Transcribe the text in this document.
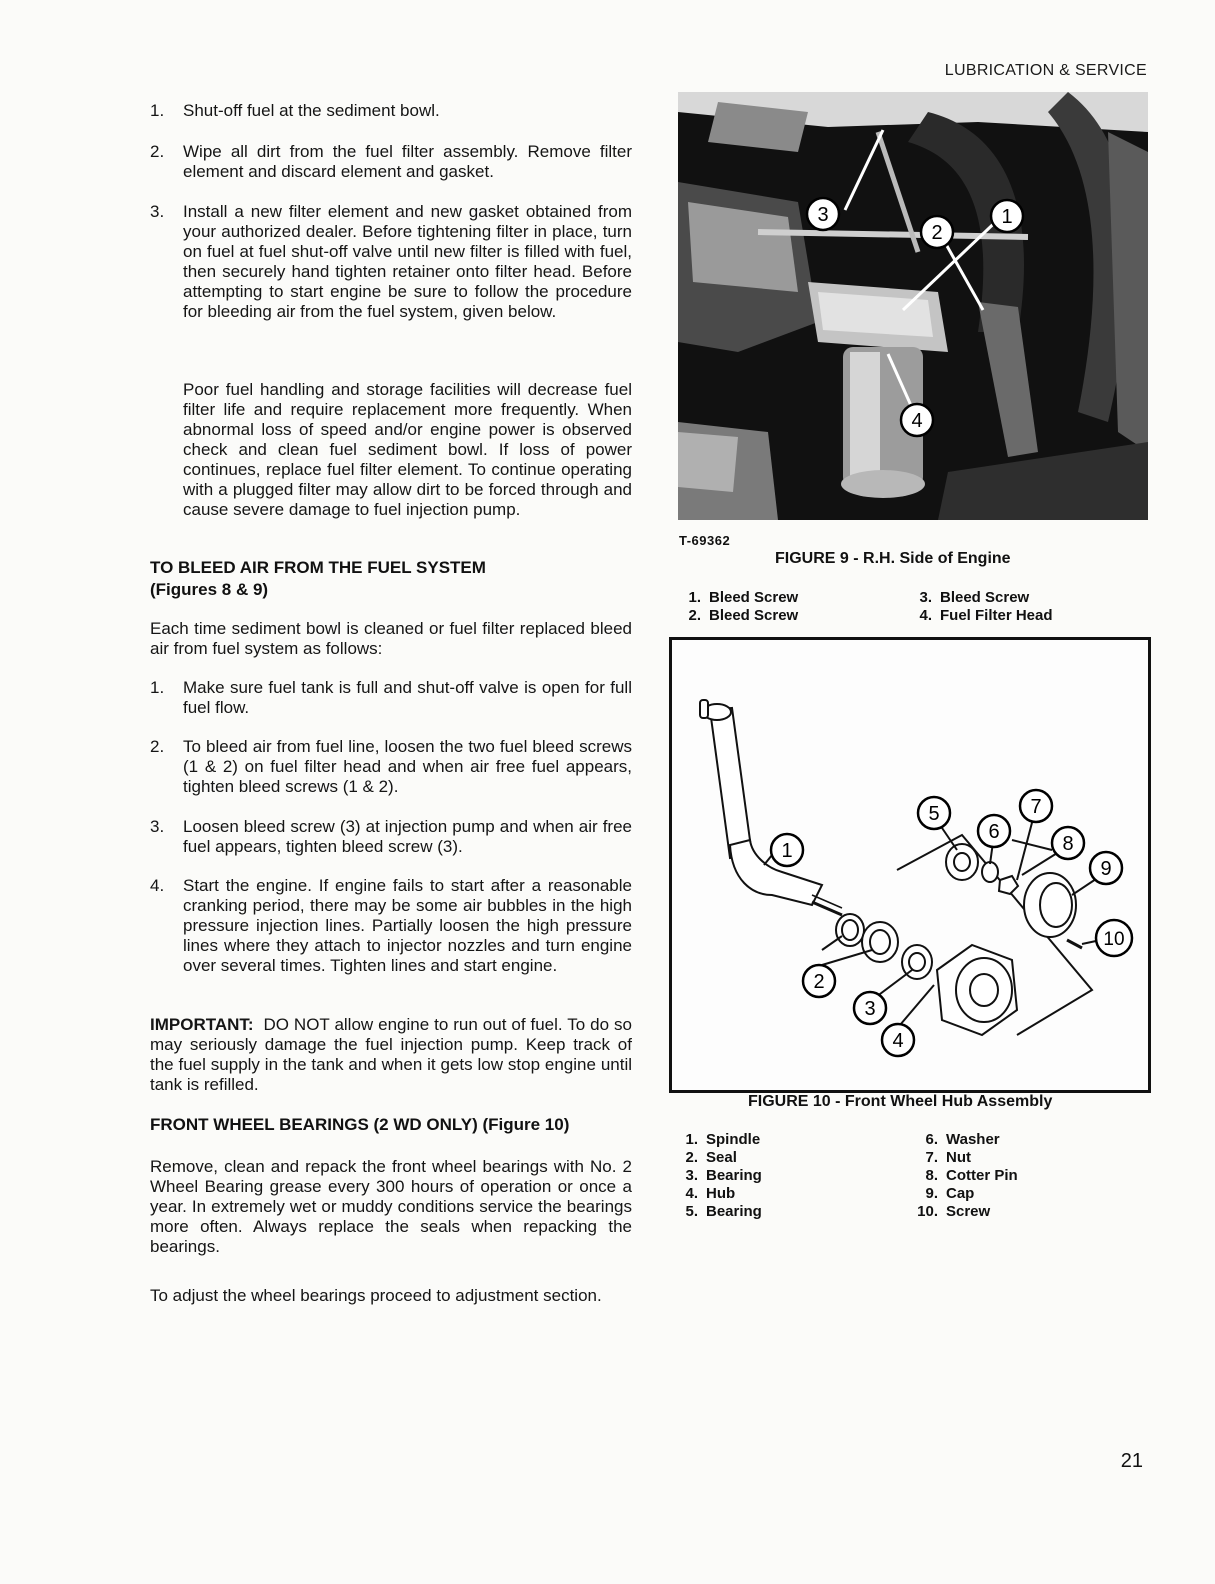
LUBRICATION & SERVICE
1.	Shut-off fuel at the sediment bowl.
2.	Wipe all dirt from the fuel filter assembly. Remove filter element and discard element and gasket.
3.	Install a new filter element and new gasket obtained from your authorized dealer. Before tightening filter in place, turn on fuel at fuel shut-off valve until new filter is filled with fuel, then securely hand tighten retainer onto filter head. Before attempting to start engine be sure to follow the procedure for bleeding air from the fuel system, given below.
Poor fuel handling and storage facilities will decrease fuel filter life and require replacement more frequently. When abnormal loss of speed and/or engine power is observed check and clean fuel sediment bowl. If loss of power continues, replace fuel filter element. To continue operating with a plugged filter may allow dirt to be forced through and cause severe damage to fuel injection pump.
TO BLEED AIR FROM THE FUEL SYSTEM
(Figures 8 & 9)
Each time sediment bowl is cleaned or fuel filter replaced bleed air from fuel system as follows:
1.	Make sure fuel tank is full and shut-off valve is open for full fuel flow.
2.	To bleed air from fuel line, loosen the two fuel bleed screws (1 & 2) on fuel filter head and when air free fuel appears, tighten bleed screws (1 & 2).
3.	Loosen bleed screw (3) at injection pump and when air free fuel appears, tighten bleed screw (3).
4.	Start the engine. If engine fails to start after a reasonable cranking period, there may be some air bubbles in the high pressure injection lines. Partially loosen the high pressure lines where they attach to injector nozzles and turn engine over several times. Tighten lines and start engine.
IMPORTANT: DO NOT allow engine to run out of fuel. To do so may seriously damage the fuel injection pump. Keep track of the fuel supply in the tank and when it gets low stop engine until tank is refilled.
FRONT WHEEL BEARINGS (2 WD ONLY) (Figure 10)
Remove, clean and repack the front wheel bearings with No. 2 Wheel Bearing grease every 300 hours of operation or once a year. In extremely wet or muddy conditions service the bearings more often. Always replace the seals when repacking the bearings.
To adjust the wheel bearings proceed to adjustment section.
3
2
1
4
T-69362
FIGURE 9 - R.H. Side of Engine
1. Bleed Screw
2. Bleed Screw
3. Bleed Screw
4. Fuel Filter Head
1
2
3
4
5
6
7
8
9
10
FIGURE 10 - Front Wheel Hub Assembly
1. Spindle
2. Seal
3. Bearing
4. Hub
5. Bearing
6. Washer
7. Nut
8. Cotter Pin
9. Cap
10. Screw
21
